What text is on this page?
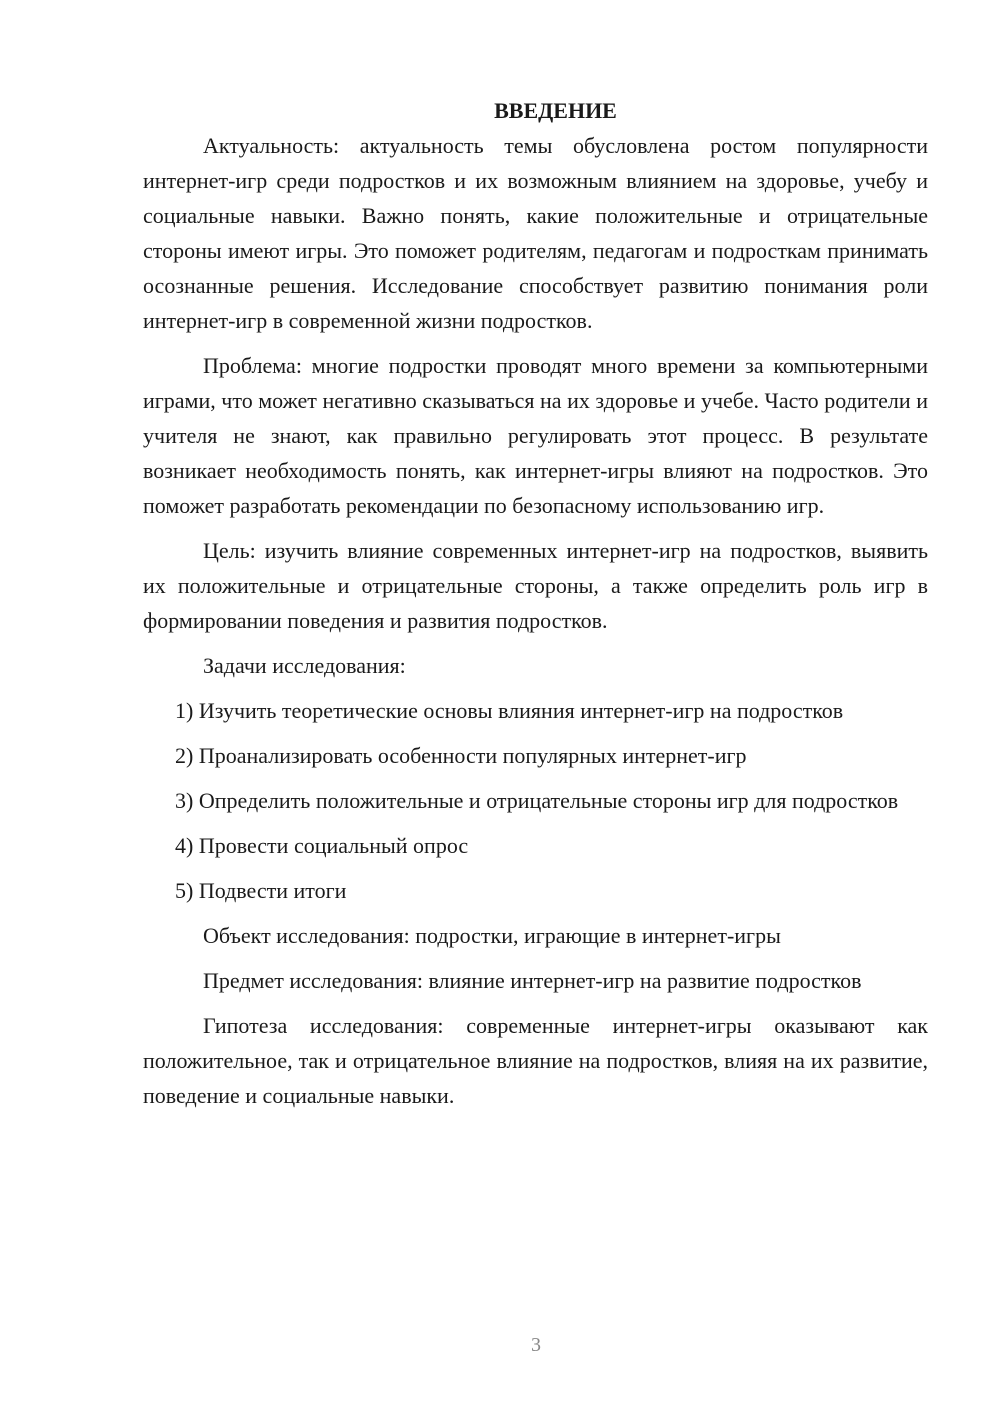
ВВЕДЕНИЕ

Актуальность: актуальность темы обусловлена ростом популярности интернет-игр среди подростков и их возможным влиянием на здоровье, учебу и социальные навыки. Важно понять, какие положительные и отрицательные стороны имеют игры. Это поможет родителям, педагогам и подросткам принимать осознанные решения. Исследование способствует развитию понимания роли интернет-игр в современной жизни подростков.

Проблема: многие подростки проводят много времени за компьютерными играми, что может негативно сказываться на их здоровье и учебе. Часто родители и учителя не знают, как правильно регулировать этот процесс. В результате возникает необходимость понять, как интернет-игры влияют на подростков. Это поможет разработать рекомендации по безопасному использованию игр.

Цель: изучить влияние современных интернет-игр на подростков, выявить их положительные и отрицательные стороны, а также определить роль игр в формировании поведения и развития подростков.

Задачи исследования:

1) Изучить теоретические основы влияния интернет-игр на подростков

2) Проанализировать особенности популярных интернет-игр

3) Определить положительные и отрицательные стороны игр для подростков

4) Провести социальный опрос

5) Подвести итоги

Объект исследования: подростки, играющие в интернет-игры

Предмет исследования: влияние интернет-игр на развитие подростков

Гипотеза исследования: современные интернет-игры оказывают как положительное, так и отрицательное влияние на подростков, влияя на их развитие, поведение и социальные навыки.

3
